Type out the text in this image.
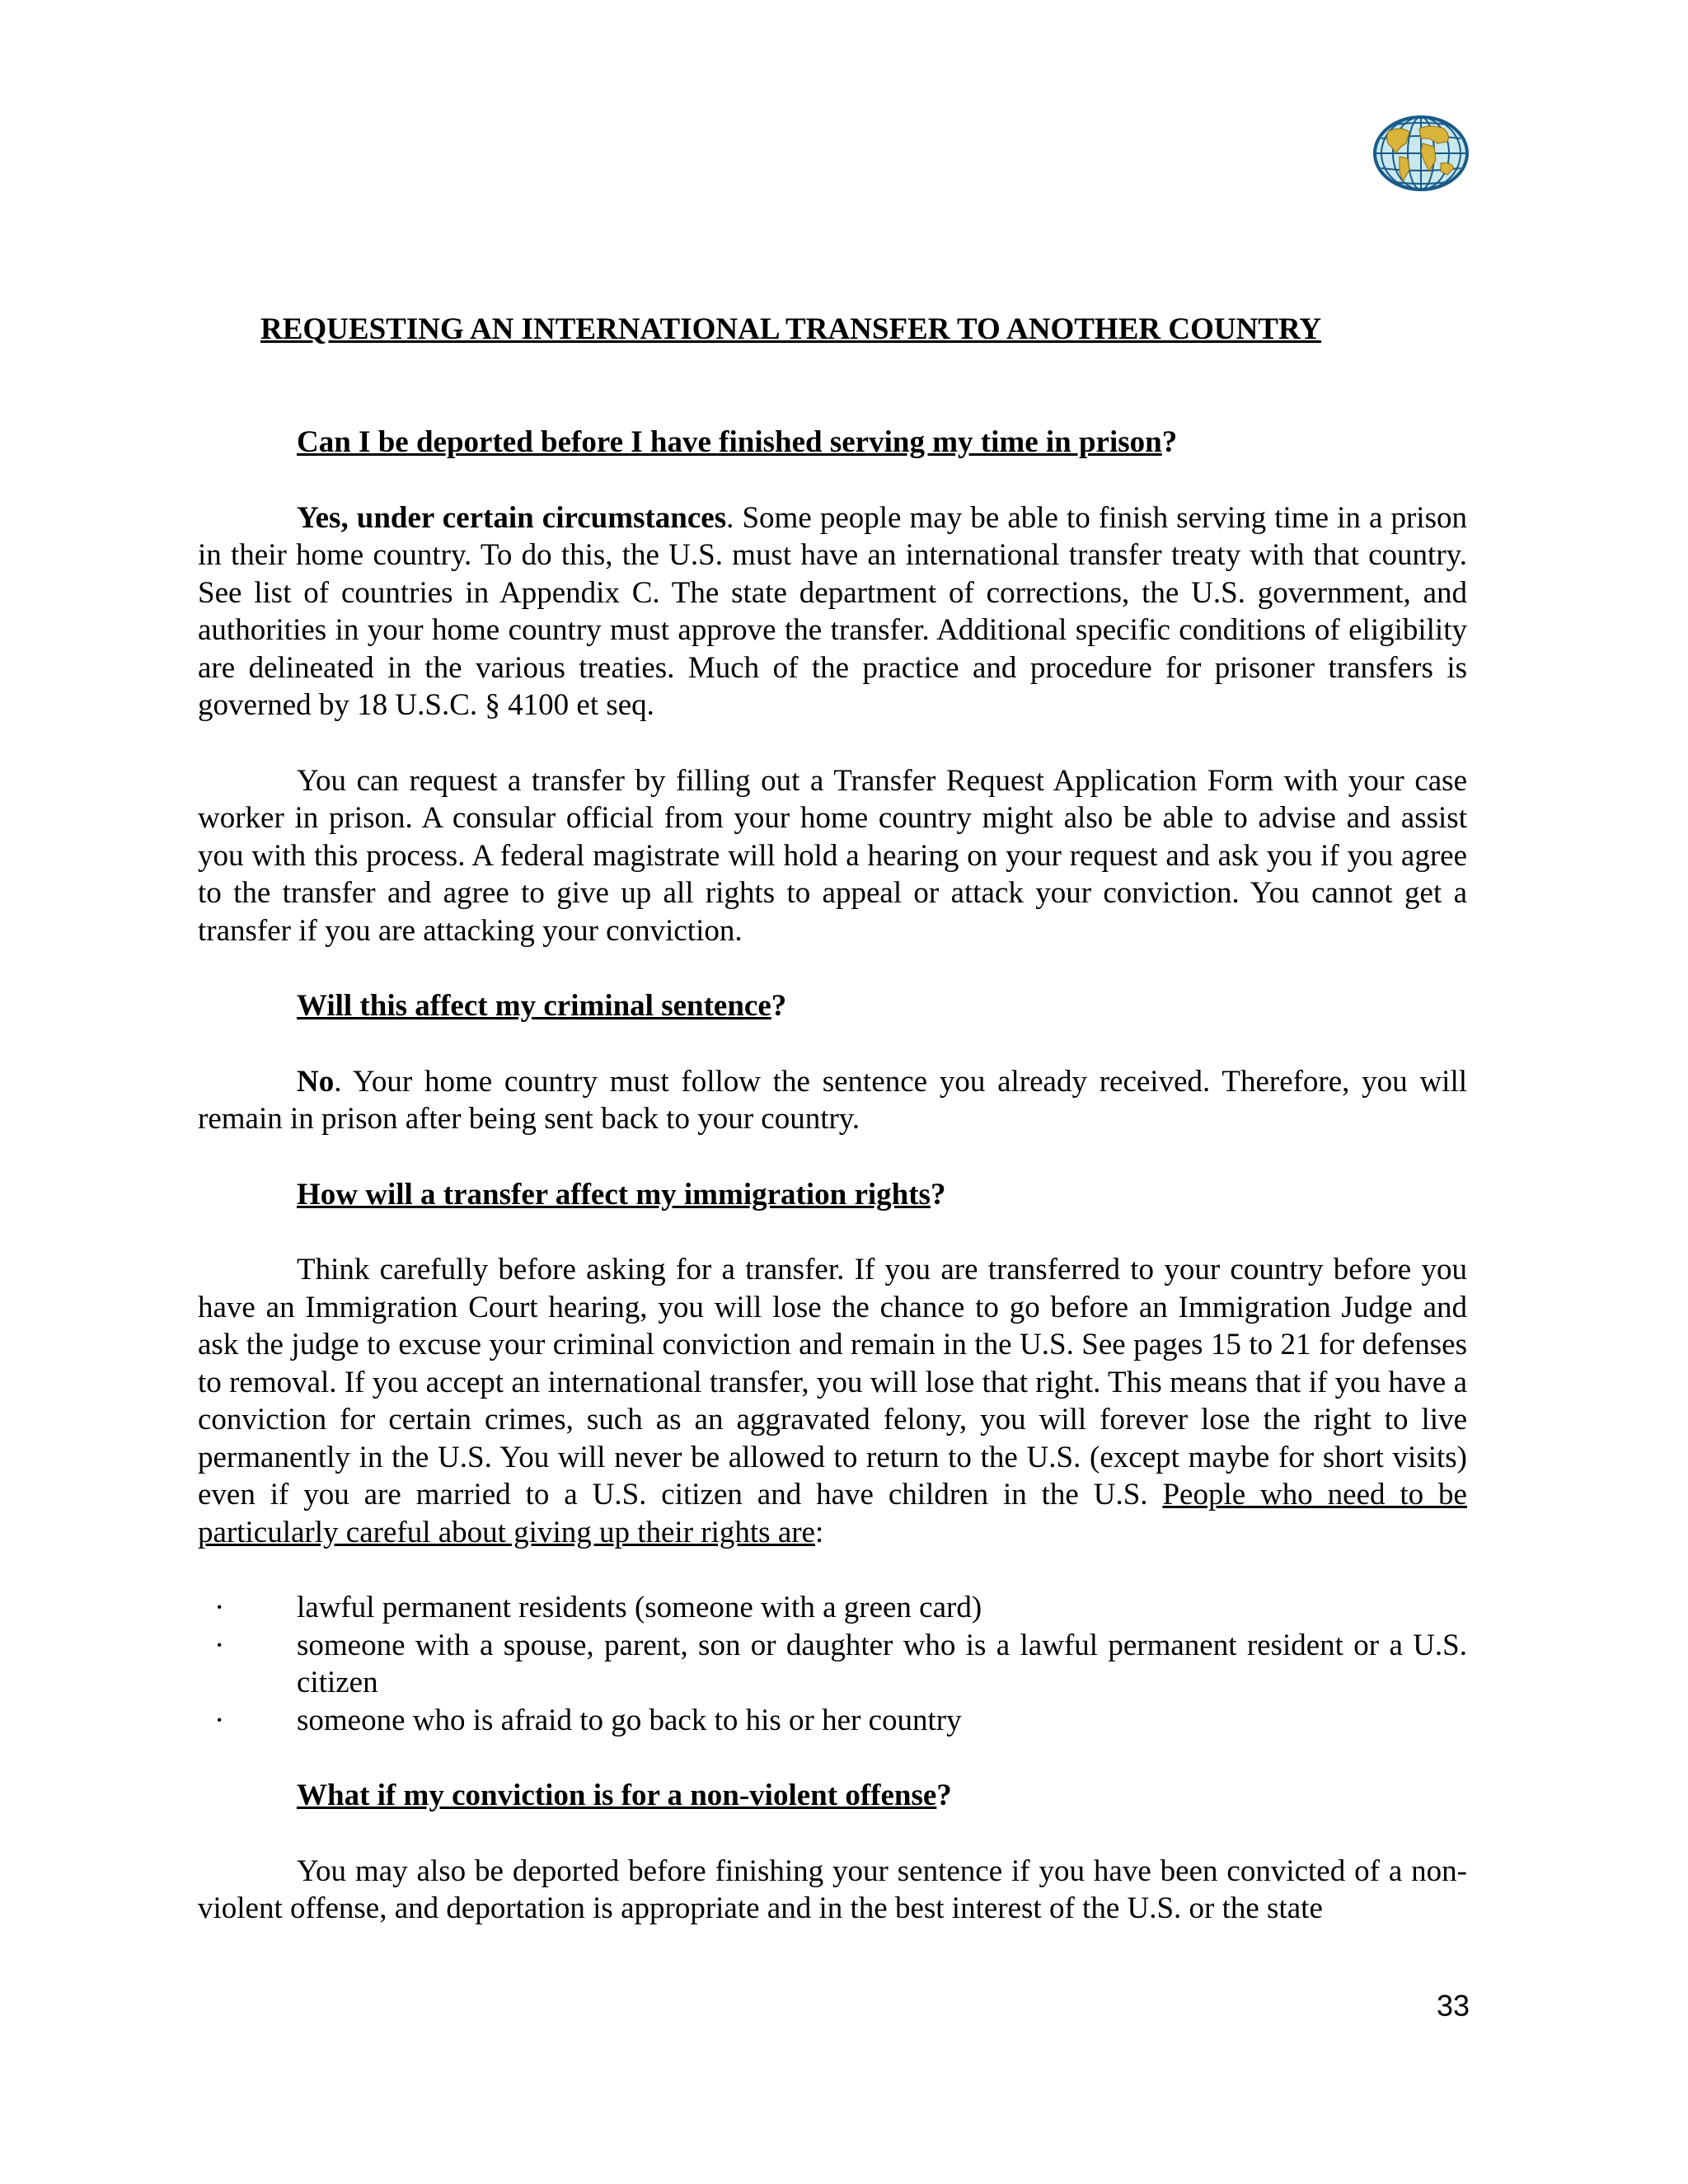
REQUESTING AN INTERNATIONAL TRANSFER TO ANOTHER COUNTRY

Can I be deported before I have finished serving my time in prison?

Yes, under certain circumstances. Some people may be able to finish serving time in a prison in their home country. To do this, the U.S. must have an international transfer treaty with that country. See list of countries in Appendix C. The state department of corrections, the U.S. government, and authorities in your home country must approve the transfer. Additional specific conditions of eligibility are delineated in the various treaties. Much of the practice and procedure for prisoner transfers is governed by 18 U.S.C. § 4100 et seq.

You can request a transfer by filling out a Transfer Request Application Form with your case worker in prison. A consular official from your home country might also be able to advise and assist you with this process. A federal magistrate will hold a hearing on your request and ask you if you agree to the transfer and agree to give up all rights to appeal or attack your conviction. You cannot get a transfer if you are attacking your conviction.

Will this affect my criminal sentence?

No. Your home country must follow the sentence you already received. Therefore, you will remain in prison after being sent back to your country.

How will a transfer affect my immigration rights?

Think carefully before asking for a transfer. If you are transferred to your country before you have an Immigration Court hearing, you will lose the chance to go before an Immigration Judge and ask the judge to excuse your criminal conviction and remain in the U.S. See pages 15 to 21 for defenses to removal. If you accept an international transfer, you will lose that right. This means that if you have a conviction for certain crimes, such as an aggravated felony, you will forever lose the right to live permanently in the U.S. You will never be allowed to return to the U.S. (except maybe for short visits) even if you are married to a U.S. citizen and have children in the U.S. People who need to be particularly careful about giving up their rights are:

· lawful permanent residents (someone with a green card)
· someone with a spouse, parent, son or daughter who is a lawful permanent resident or a U.S. citizen
· someone who is afraid to go back to his or her country

What if my conviction is for a non-violent offense?

You may also be deported before finishing your sentence if you have been convicted of a non-violent offense, and deportation is appropriate and in the best interest of the U.S. or the state

33
